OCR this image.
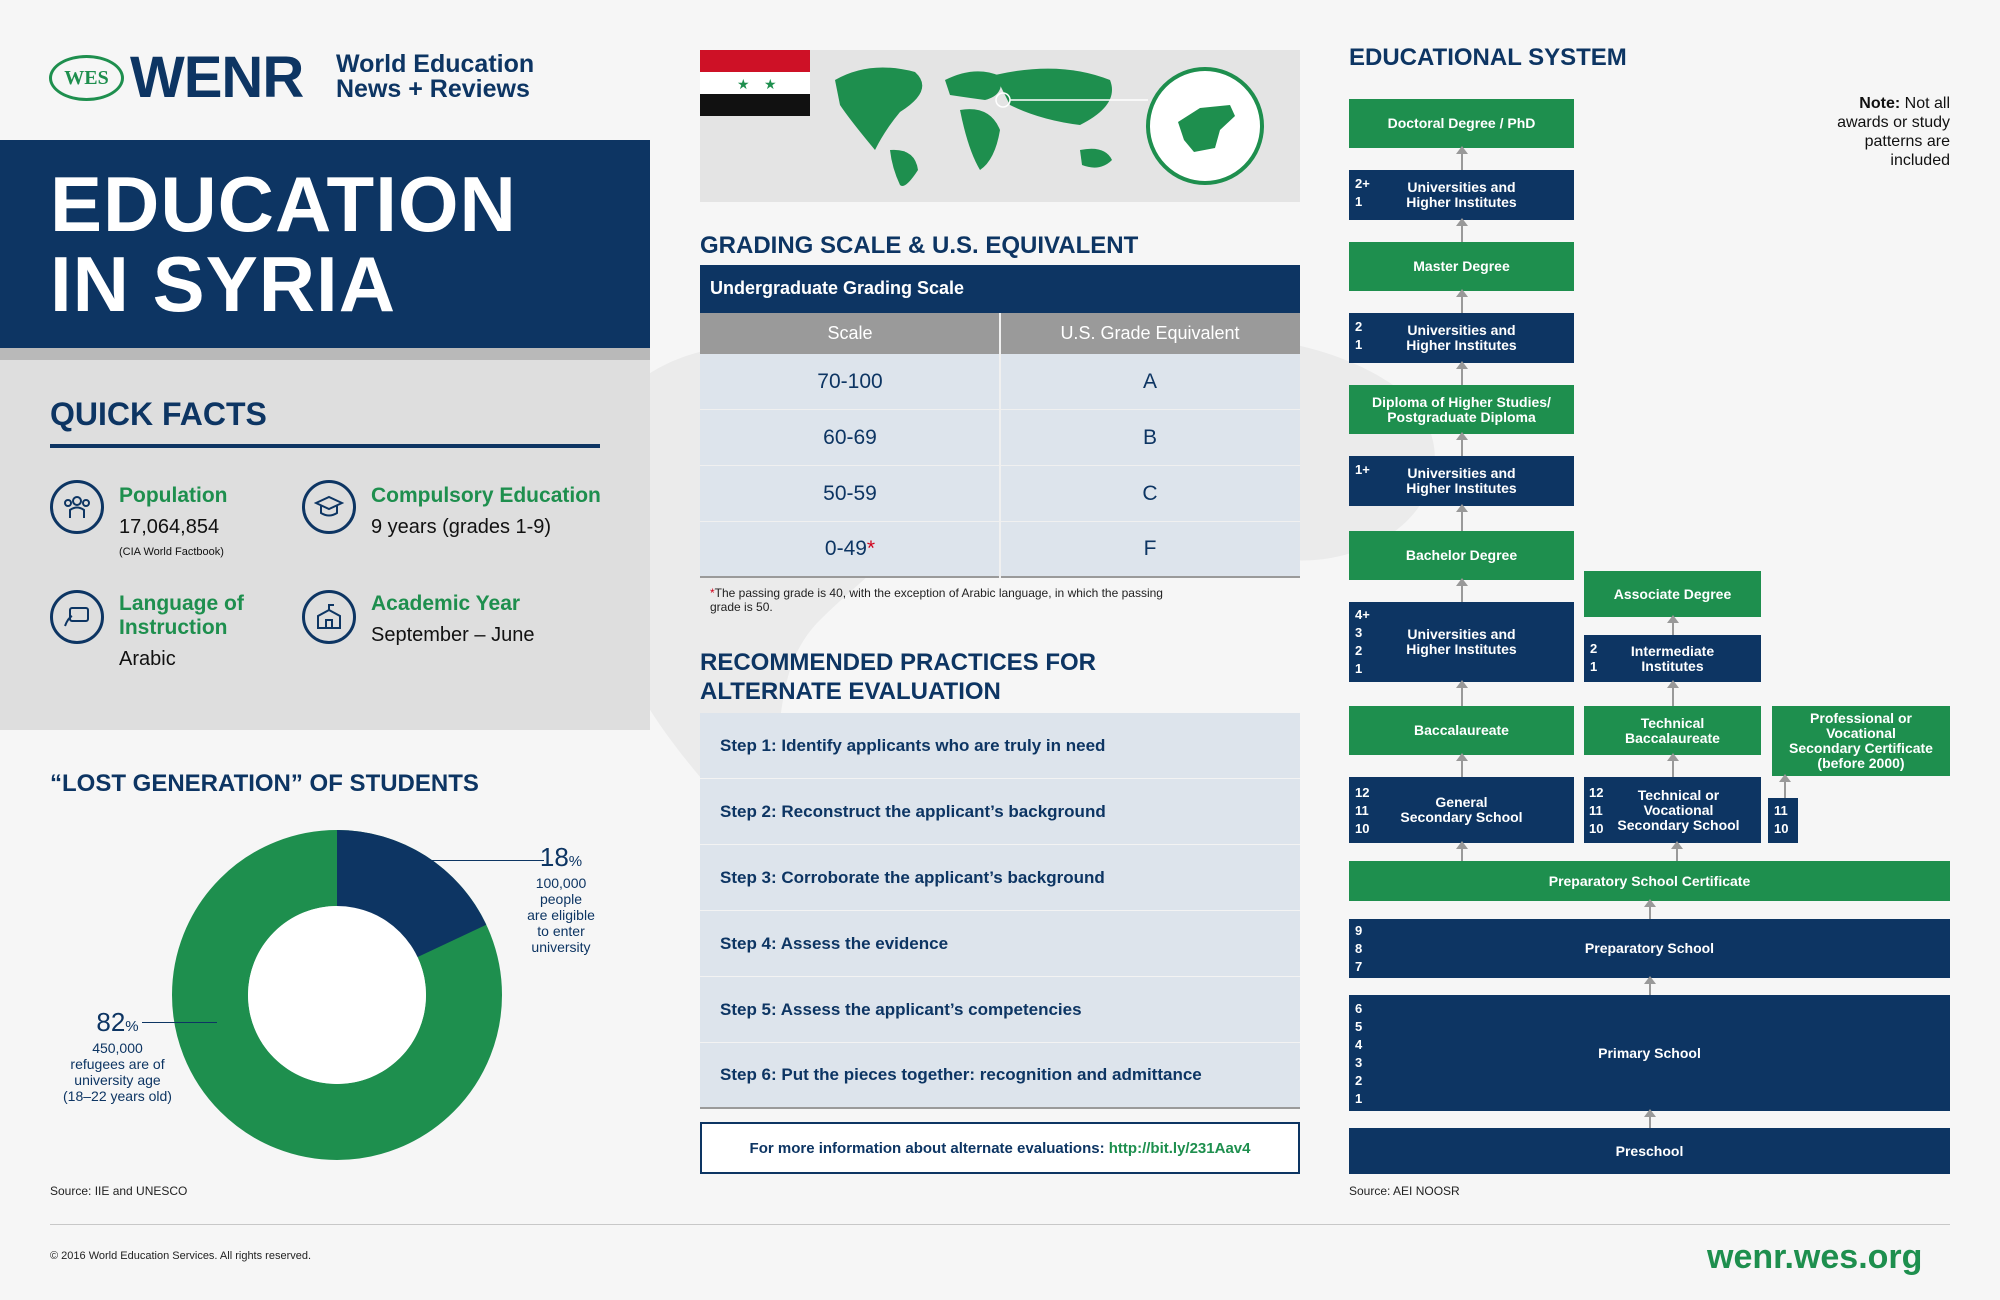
WES WENR World Education
News + Reviews
EDUCATION
IN SYRIA
QUICK FACTS
Population
17,064,854
(CIA World Factbook)
Compulsory Education
9 years (grades 1-9)
Language of
Instruction
Arabic
Academic Year
September – June
“LOST GENERATION” OF STUDENTS
18%
100,000
people
are eligible
to enter
university
82%
450,000
refugees are of
university age
(18–22 years old)
Source: IIE and UNESCO
★ ★
GRADING SCALE & U.S. EQUIVALENT
Undergraduate Grading Scale
Scale	U.S. Grade Equivalent
70-100	A
60-69	B
50-59	C
0-49 *	F
*The passing grade is 40, with the exception of Arabic language, in which the passing
grade is 50.
RECOMMENDED PRACTICES FOR
ALTERNATE EVALUATION
Step 1: Identify applicants who are truly in need
Step 2: Reconstruct the applicant’s background
Step 3: Corroborate the applicant’s background
Step 4: Assess the evidence
Step 5: Assess the applicant’s competencies
Step 6: Put the pieces together: recognition and admittance
For more information about alternate evaluations:
http://bit.ly/231Aav4
EDUCATIONAL SYSTEM
Note: Not all
awards or study
patterns are
included
Doctoral Degree / PhD
Universities and
Higher Institutes
2+
1
Master Degree
Universities and
Higher Institutes
2
1
Diploma of Higher Studies/
Postgraduate Diploma
Universities and
Higher Institutes
1+
Bachelor Degree
Universities and
Higher Institutes
4+
3
2
1
Baccalaureate
General
Secondary School
12
11
10
Associate Degree
Intermediate
Institutes
2
1
Technical
Baccalaureate
Technical or
Vocational
Secondary School
12
11
10
Professional or
Vocational
Secondary Certificate
(before 2000)
11
10
Preparatory School Certificate
Preparatory School
9
8
7
Primary School
6
5
4
3
2
1
Preschool
Source: AEI NOOSR
© 2016 World Education Services. All rights reserved.	wenr.wes.org
